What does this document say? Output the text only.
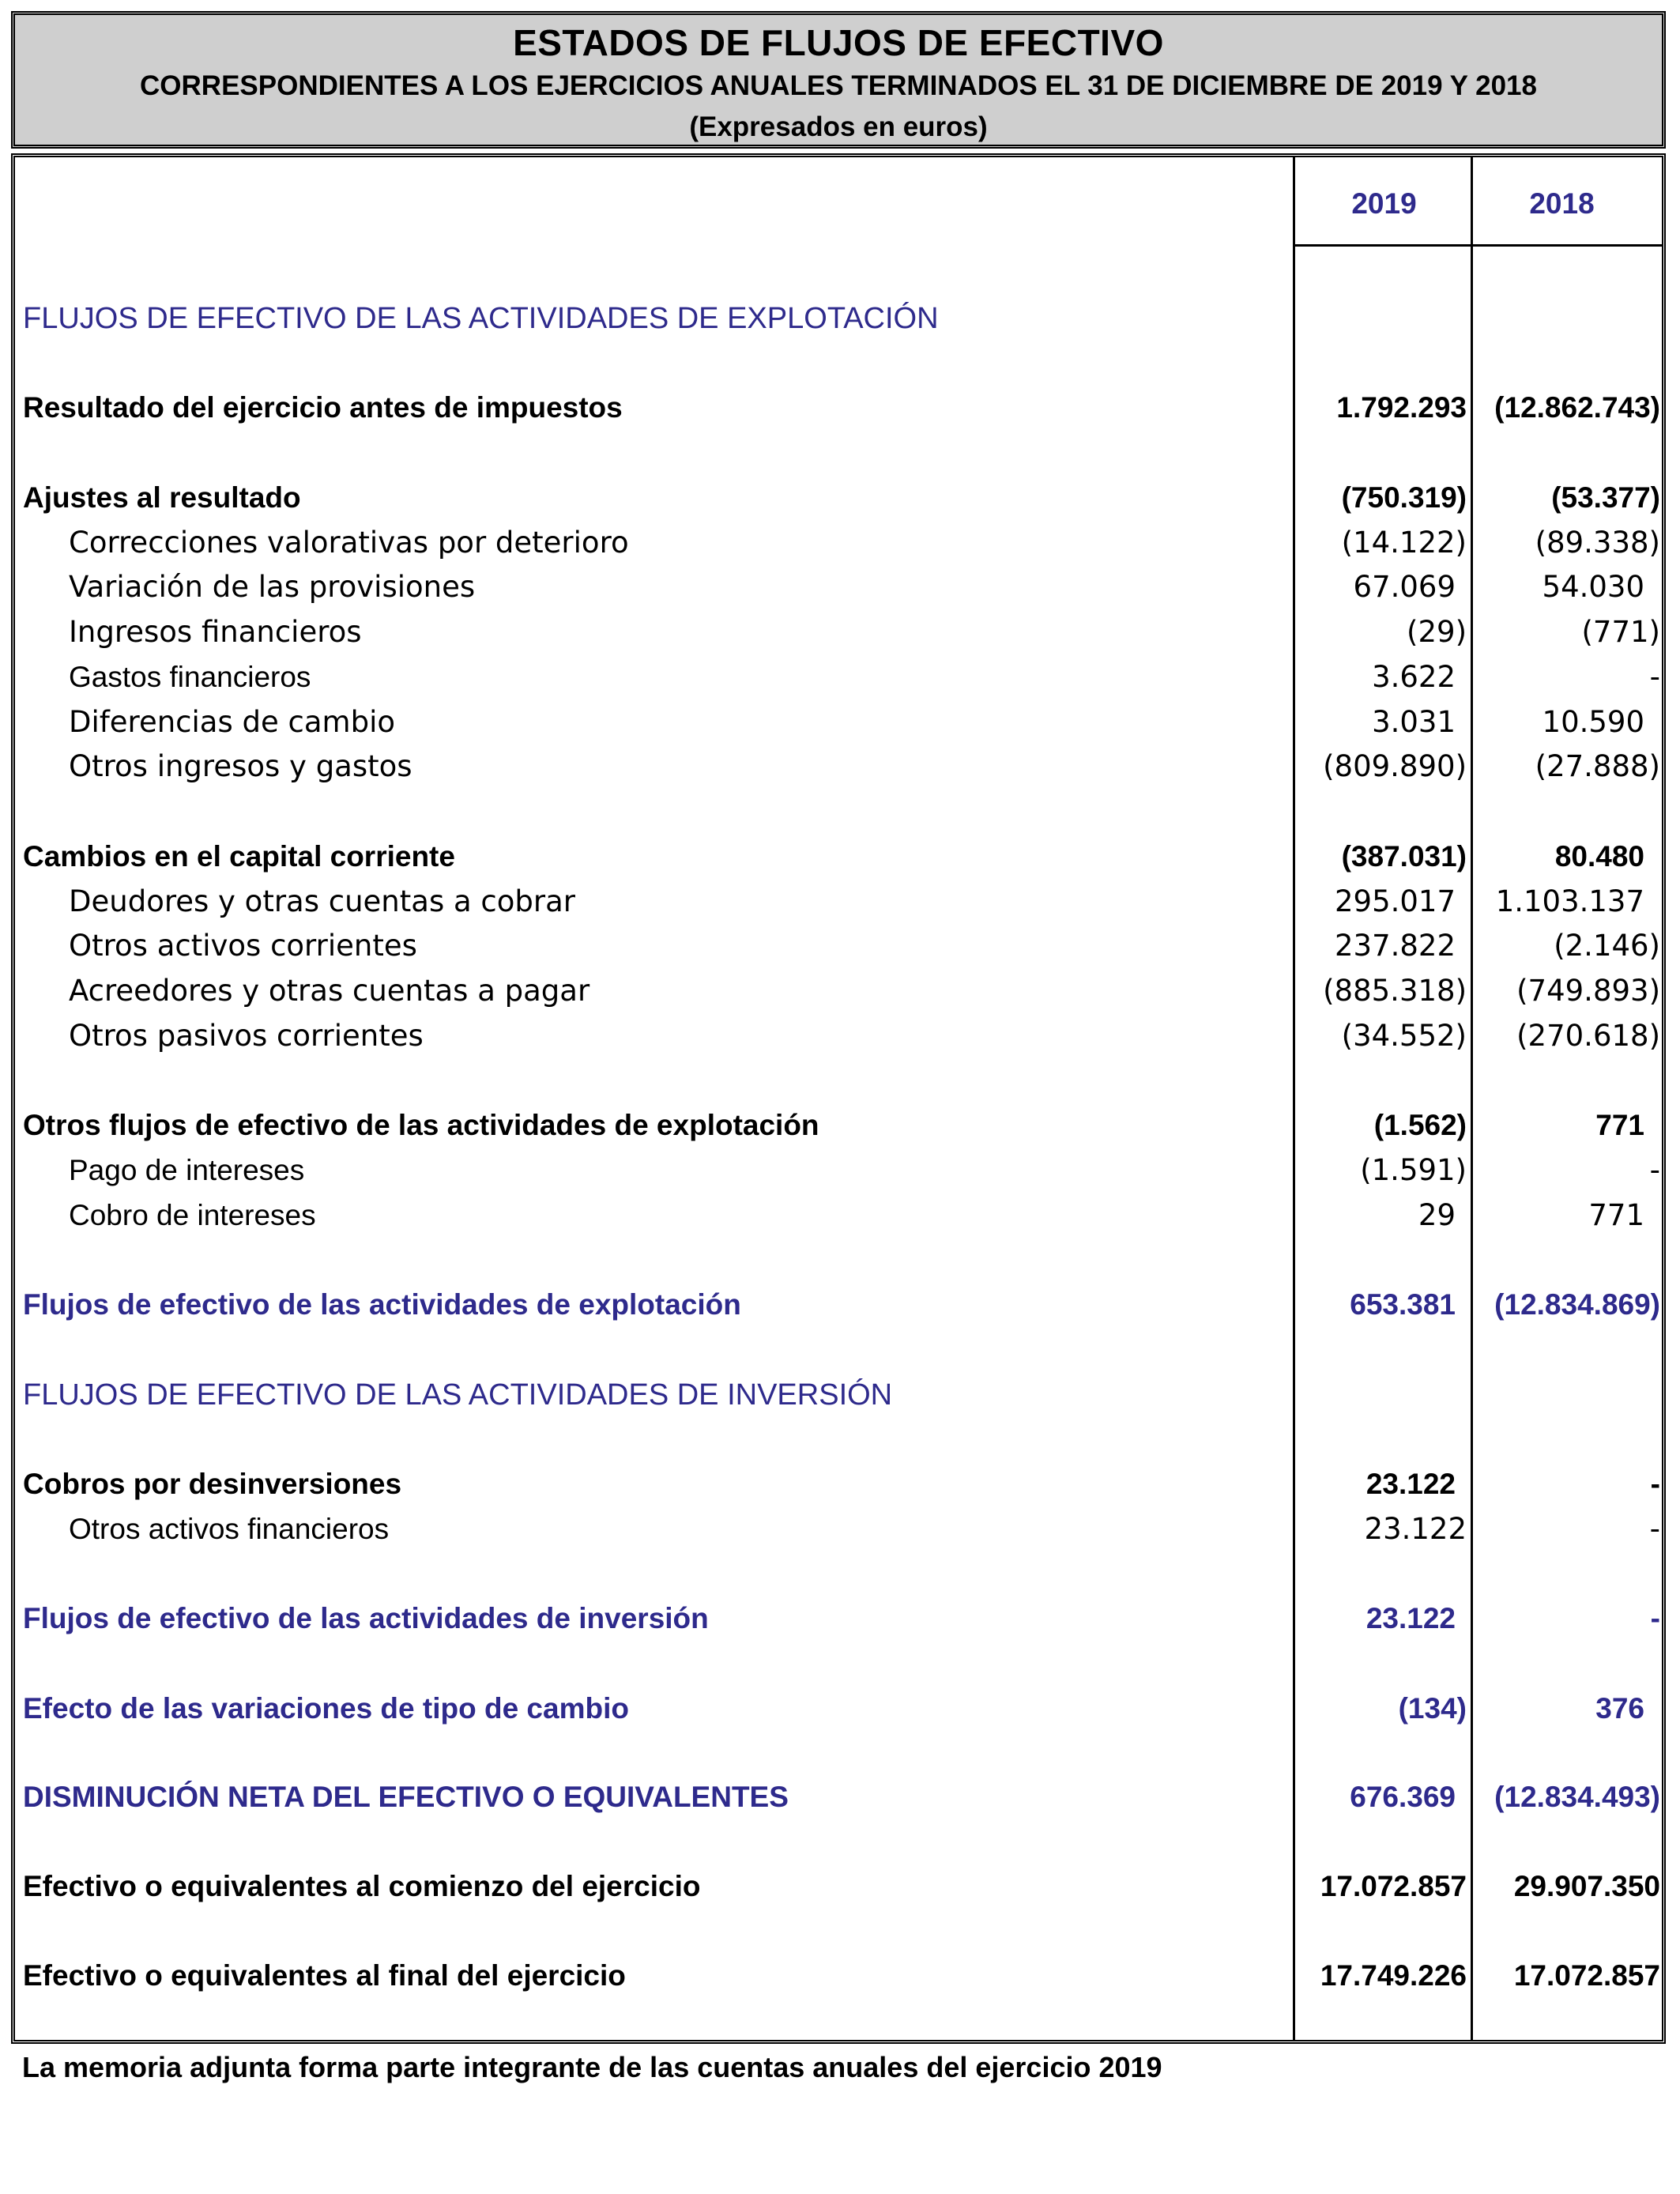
ESTADOS DE FLUJOS DE EFECTIVO
CORRESPONDIENTES A LOS EJERCICIOS ANUALES TERMINADOS EL 31 DE DICIEMBRE DE 2019 Y 2018
(Expresados en euros)
2019	2018
FLUJOS DE EFECTIVO DE LAS ACTIVIDADES DE EXPLOTACIÓN
Resultado del ejercicio antes de impuestos	1.792.293 (12.862.743)
Ajustes al resultado	(750.319)	(53.377)
Correcciones valorativas por deterioro	(14.122)	(89.338)
Variación de las provisiones	67.069	54.030
Ingresos financieros	(29)	(771)
Gastos financieros	3.622	-
Diferencias de cambio	3.031	10.590
Otros ingresos y gastos	(809.890)	(27.888)
Cambios en el capital corriente	(387.031)	80.480
Deudores y otras cuentas a cobrar	295.017	1.103.137
Otros activos corrientes	237.822	(2.146)
Acreedores y otras cuentas a pagar	(885.318)	(749.893)
Otros pasivos corrientes	(34.552)	(270.618)
Otros flujos de efectivo de las actividades de explotación	(1.562)	771
Pago de intereses	(1.591)	-
Cobro de intereses	29	771
Flujos de efectivo de las actividades de explotación	653.381	(12.834.869)
FLUJOS DE EFECTIVO DE LAS ACTIVIDADES DE INVERSIÓN
Cobros por desinversiones	23.122	-
Otros activos financieros	23.122	-
Flujos de efectivo de las actividades de inversión	23.122	-
Efecto de las variaciones de tipo de cambio	(134)	376
DISMINUCIÓN NETA DEL EFECTIVO O EQUIVALENTES	676.369	(12.834.493)
Efectivo o equivalentes al comienzo del ejercicio	17.072.857	29.907.350
Efectivo o equivalentes al final del ejercicio	17.749.226	17.072.857
La memoria adjunta forma parte integrante de las cuentas anuales del ejercicio 2019
